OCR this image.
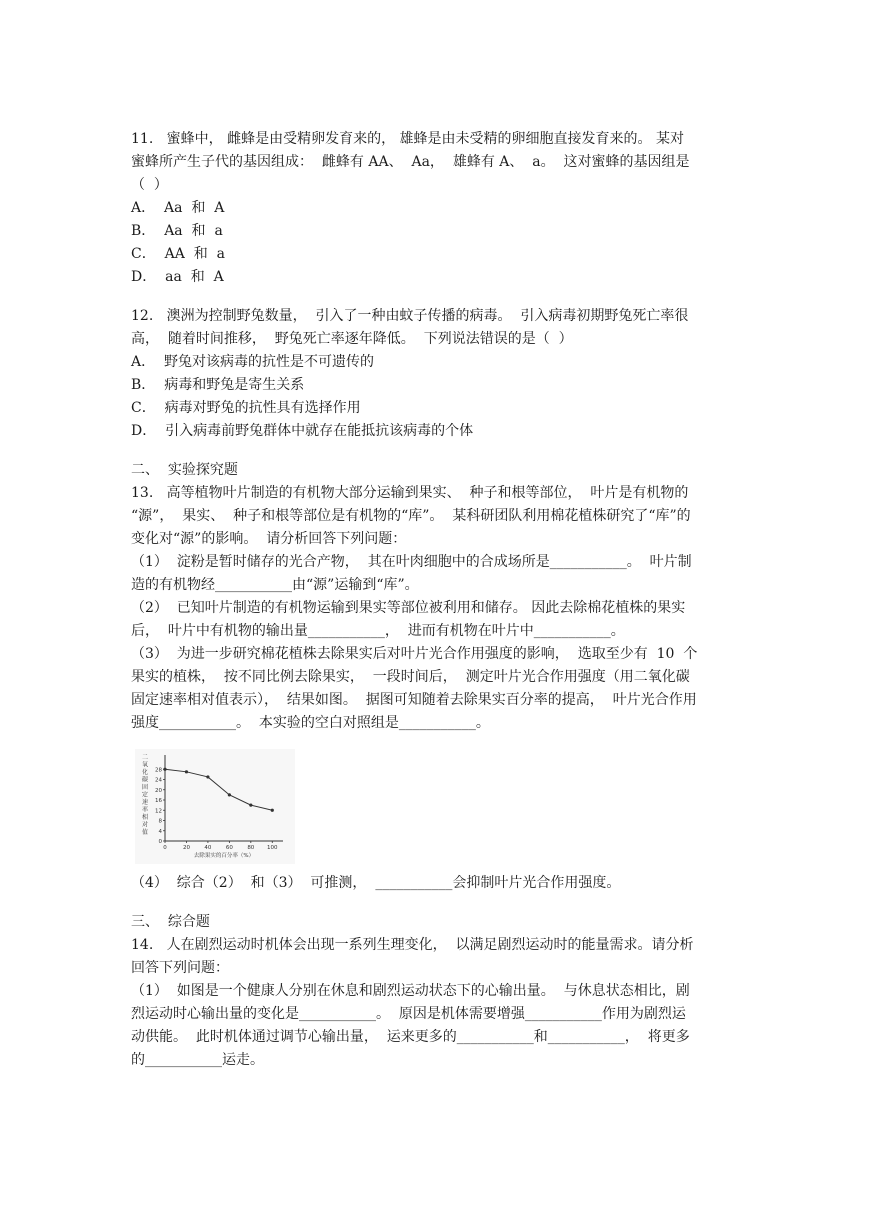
11.   蜜蜂中， 雌蜂是由受精卵发育来的， 雄蜂是由未受精的卵细胞直接发育来的。 某对

蜜蜂所产生子代的基因组成：  雌蜂有 AA、  Aa，  雄蜂有 A、  a。  这对蜜蜂的基因组是

（  ）

A．  Aa  和  A

B．  Aa  和  a

C．  AA  和  a

D．  aa  和  A

12.   澳洲为控制野兔数量，  引入了一种由蚊子传播的病毒。  引入病毒初期野兔死亡率很

高，  随着时间推移，  野兔死亡率逐年降低。  下列说法错误的是（  ）

A．  野兔对该病毒的抗性是不可遗传的

B．  病毒和野兔是寄生关系

C．  病毒对野兔的抗性具有选择作用

D．  引入病毒前野兔群体中就存在能抵抗该病毒的个体

二、  实验探究题

13.   高等植物叶片制造的有机物大部分运输到果实、  种子和根等部位，  叶片是有机物的

“源”，  果实、  种子和根等部位是有机物的“库”。  某科研团队利用棉花植株研究了“库”的

变化对“源”的影响。  请分析回答下列问题：

（1）  淀粉是暂时储存的光合产物，  其在叶肉细胞中的合成场所是___________。  叶片制

造的有机物经___________由“源”运输到“库”。

（2）  已知叶片制造的有机物运输到果实等部位被利用和储存。 因此去除棉花植株的果实

后，  叶片中有机物的输出量___________，  进而有机物在叶片中___________。

（3）  为进一步研究棉花植株去除果实后对叶片光合作用强度的影响，  选取至少有  10  个

果实的植株，  按不同比例去除果实，  一段时间后，  测定叶片光合作用强度（用二氧化碳

固定速率相对值表示），  结果如图。  据图可知随着去除果实百分率的提高，  叶片光合作用

强度___________。  本实验的空白对照组是___________。

0
4
8
12
16
20
24
28
0	20	40	60	80 100
去除果实的百分率（%）
二
氧
化
碳
固
定
速
率
相
对
值

（4）  综合（2）  和（3）  可推测，  ___________会抑制叶片光合作用强度。

三、  综合题

14.   人在剧烈运动时机体会出现一系列生理变化，  以满足剧烈运动时的能量需求。请分析

回答下列问题：

（1）  如图是一个健康人分别在休息和剧烈运动状态下的心输出量。  与休息状态相比，剧

烈运动时心输出量的变化是___________。  原因是机体需要增强___________作用为剧烈运

动供能。  此时机体通过调节心输出量，  运来更多的___________和___________，  将更多

的___________运走。
